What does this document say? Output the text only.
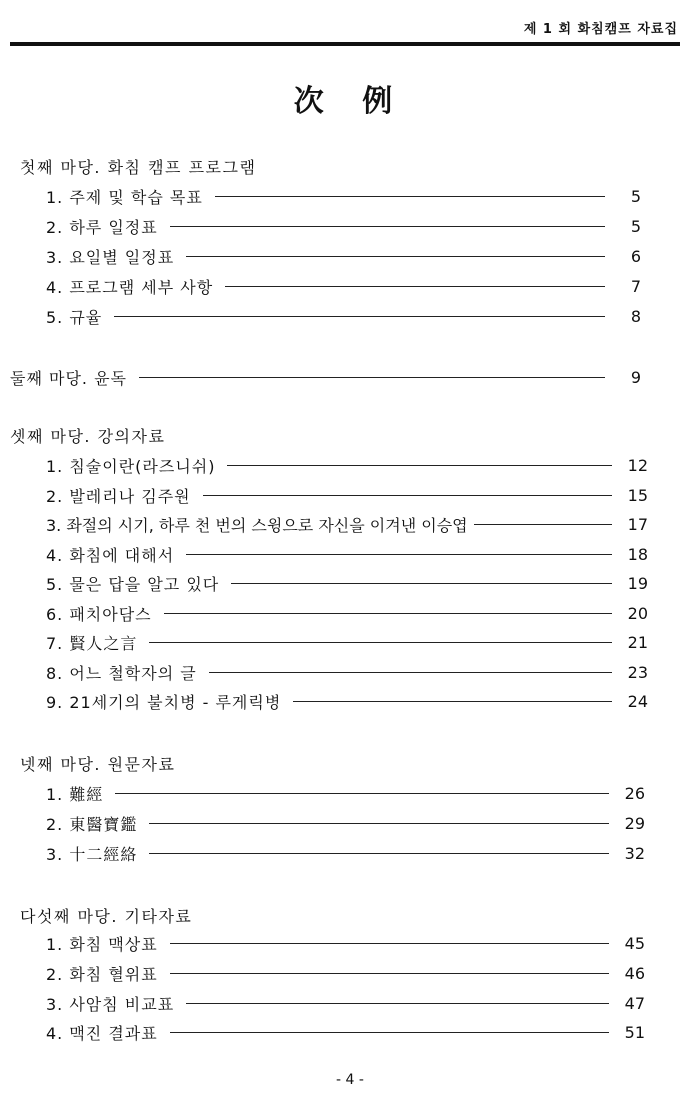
제 1 회 화침캠프 자료집
次 例
첫째 마당. 화침 캠프 프로그램
1. 주제 및 학습 목표	5
2. 하루 일정표	5
3. 요일별 일정표	6
4. 프로그램 세부 사항	7
5. 규율	8
둘째 마당. 윤독	9
셋째 마당. 강의자료
1. 침술이란(라즈니쉬)	12
2. 발레리나 김주원	15
3. 좌절의 시기, 하루 천 번의 스윙으로 자신을 이겨낸 이승엽	17
4. 화침에 대해서	18
5. 물은 답을 알고 있다	19
6. 패치아담스	20
7. 賢人之言	21
8. 어느 철학자의 글	23
9. 21세기의 불치병 - 루게릭병	24
넷째 마당. 원문자료
1. 難經	26
2. 東醫寶鑑	29
3. 十二經絡	32
다섯째 마당. 기타자료
1. 화침 맥상표	45
2. 화침 혈위표	46
3. 사암침 비교표	47
4. 맥진 결과표	51
- 4 -
